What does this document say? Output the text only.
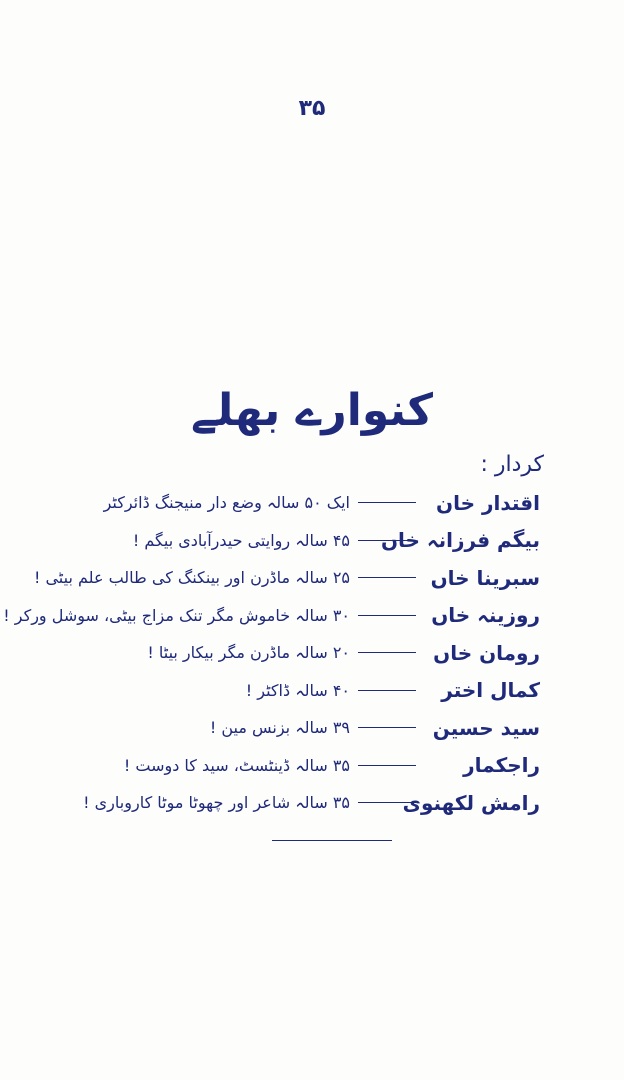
۳۵
کنوارے بھلے
کردار :
اقتدار خان
ایک ۵۰ سالہ وضع دار منیجنگ ڈائرکٹر
بیگم فرزانہ خاں
۴۵ سالہ روایتی حیدرآبادی بیگم !
سبرینا خاں
۲۵ سالہ ماڈرن اور بینکنگ کی طالب علم بیٹی !
روزینہ خاں
۳۰ سالہ خاموش مگر تنک مزاج بیٹی، سوشل ورکر !
رومان خاں
۲۰ سالہ ماڈرن مگر بیکار بیٹا !
کمال اختر
۴۰ سالہ ڈاکٹر !
سید حسین
۳۹ سالہ بزنس مین !
راجکمار
۳۵ سالہ ڈینٹسٹ، سید کا دوست !
رامش لکھنوی
۳۵ سالہ شاعر اور چھوٹا موٹا کاروباری !
